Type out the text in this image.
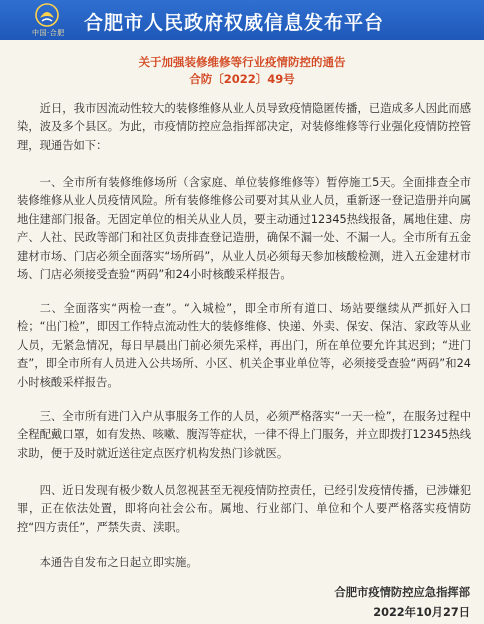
中国·合肥 合肥市人民政府权威信息发布平台
关于加强装修维修等行业疫情防控的通告
合防〔2022〕49号

近日，我市因流动性较大的装修维修从业人员导致疫情隐匿传播，已造成多人因此而感染，波及多个县区。为此，市疫情防控应急指挥部决定，对装修维修等行业强化疫情防控管理，现通告如下：

一、全市所有装修维修场所（含家庭、单位装修维修等）暂停施工5天。全面排查全市装修维修从业人员疫情风险。所有装修维修公司要对其从业人员，重新逐一登记造册并向属地住建部门报备。无固定单位的相关从业人员，要主动通过12345热线报备，属地住建、房产、人社、民政等部门和社区负责排查登记造册，确保不漏一处、不漏一人。全市所有五金建材市场、门店必须全面落实“场所码”，从业人员必须每天参加核酸检测，进入五金建材市场、门店必须接受查验“两码”和24小时核酸采样报告。

二、全面落实“两检一查”。“入城检”，即全市所有道口、场站要继续从严抓好入口检；“出门检”，即因工作特点流动性大的装修维修、快递、外卖、保安、保洁、家政等从业人员，无紧急情况，每日早晨出门前必须先采样，再出门，所在单位要允许其迟到；“进门查”，即全市所有人员进入公共场所、小区、机关企事业单位等，必须接受查验“两码”和24小时核酸采样报告。

三、全市所有进门入户从事服务工作的人员，必须严格落实“一天一检”，在服务过程中全程配戴口罩，如有发热、咳嗽、腹泻等症状，一律不得上门服务，并立即拨打12345热线求助，便于及时就近送往定点医疗机构发热门诊就医。

四、近日发现有极少数人员忽视甚至无视疫情防控责任，已经引发疫情传播，已涉嫌犯罪，正在依法处置，即将向社会公布。属地、行业部门、单位和个人要严格落实疫情防控“四方责任”，严禁失责、渎职。

本通告自发布之日起立即实施。

合肥市疫情防控应急指挥部
2022年10月27日
